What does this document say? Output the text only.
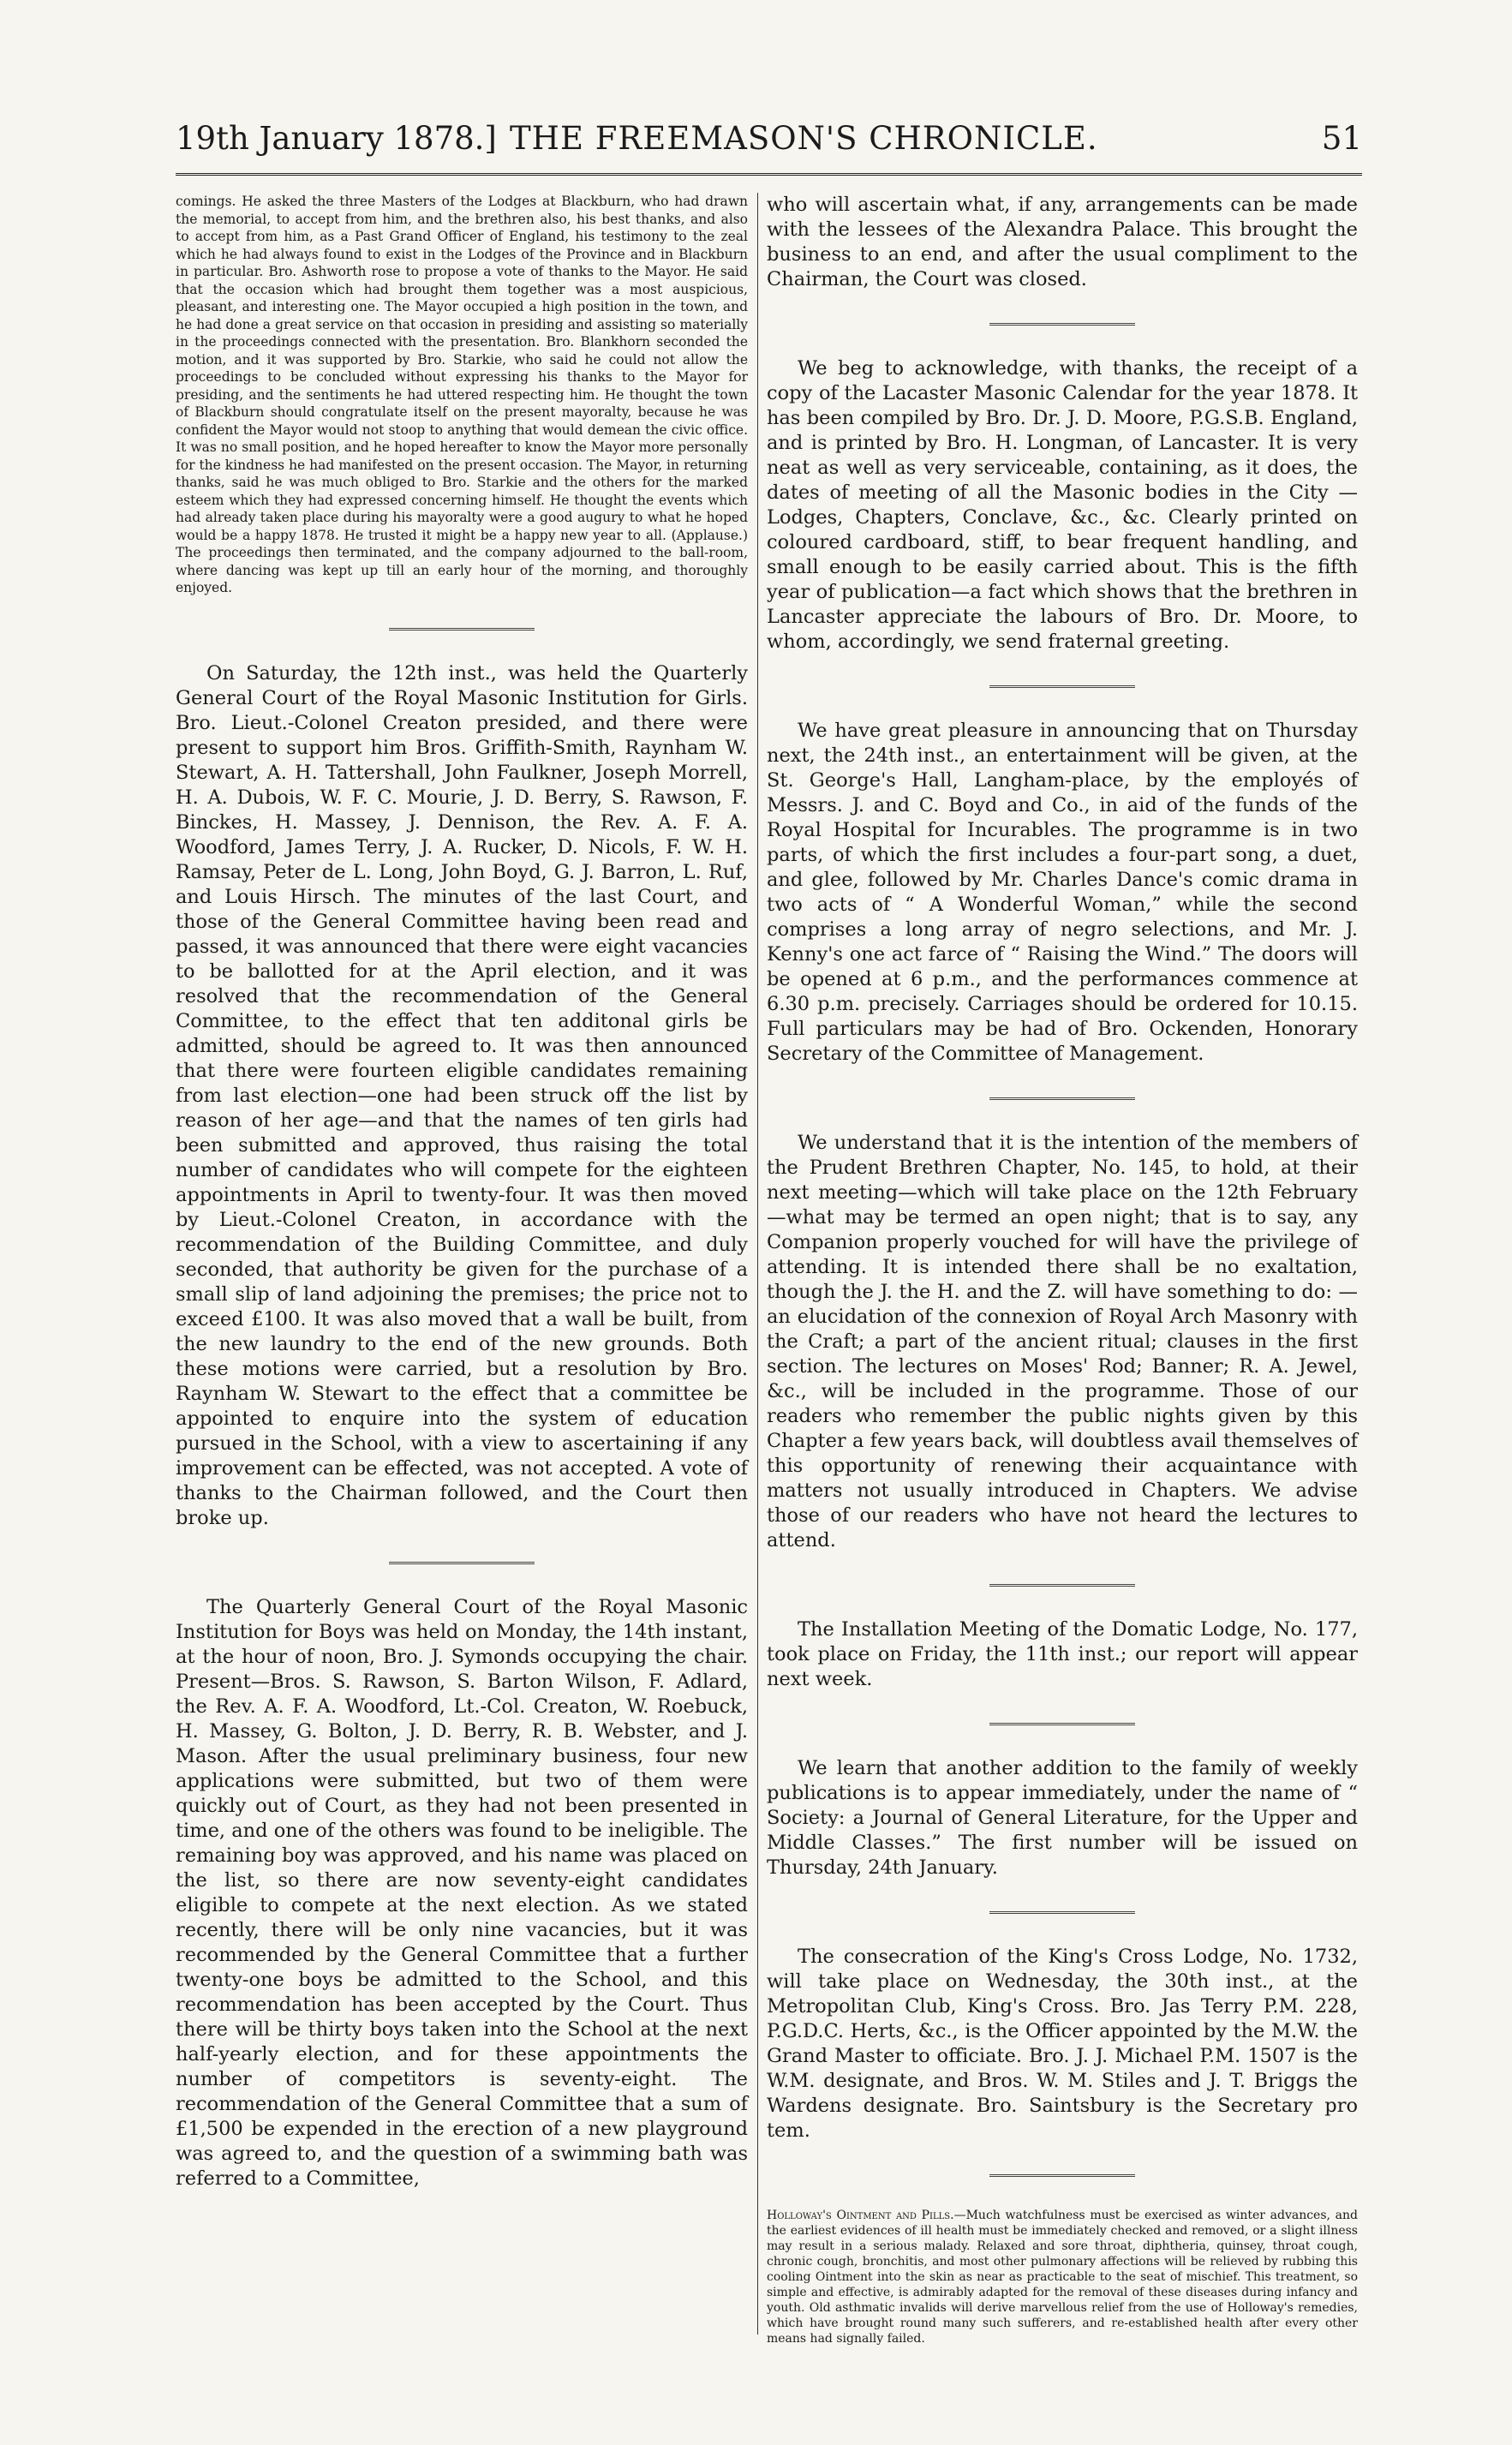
19th January 1878.] THE FREEMASON'S CHRONICLE.	51

comings. He asked the three Masters of the Lodges at Blackburn, who had drawn the memorial, to accept from him, and the brethren also, his best thanks, and also to accept from him, as a Past Grand Officer of England, his testimony to the zeal which he had always found to exist in the Lodges of the Province and in Blackburn in particular. Bro. Ashworth rose to propose a vote of thanks to the Mayor. He said that the occasion which had brought them together was a most auspicious, pleasant, and interesting one. The Mayor occupied a high position in the town, and he had done a great service on that occasion in presiding and assisting so materially in the proceedings connected with the presentation. Bro. Blankhorn seconded the motion, and it was supported by Bro. Starkie, who said he could not allow the proceedings to be concluded without expressing his thanks to the Mayor for presiding, and the sentiments he had uttered respecting him. He thought the town of Blackburn should congratulate itself on the present mayoralty, because he was confident the Mayor would not stoop to anything that would demean the civic office. It was no small position, and he hoped hereafter to know the Mayor more personally for the kindness he had manifested on the present occasion. The Mayor, in returning thanks, said he was much obliged to Bro. Starkie and the others for the marked esteem which they had expressed concerning himself. He thought the events which had already taken place during his mayoralty were a good augury to what he hoped would be a happy 1878. He trusted it might be a happy new year to all. (Applause.) The proceedings then terminated, and the company adjourned to the ball-room, where dancing was kept up till an early hour of the morning, and thoroughly enjoyed.

On Saturday, the 12th inst., was held the Quarterly General Court of the Royal Masonic Institution for Girls. Bro. Lieut.-Colonel Creaton presided, and there were present to support him Bros. Griffith-Smith, Raynham W. Stewart, A. H. Tattershall, John Faulkner, Joseph Morrell, H. A. Dubois, W. F. C. Mourie, J. D. Berry, S. Rawson, F. Binckes, H. Massey, J. Dennison, the Rev. A. F. A. Woodford, James Terry, J. A. Rucker, D. Nicols, F. W. H. Ramsay, Peter de L. Long, John Boyd, G. J. Barron, L. Ruf, and Louis Hirsch. The minutes of the last Court, and those of the General Committee having been read and passed, it was announced that there were eight vacancies to be ballotted for at the April election, and it was resolved that the recommendation of the General Committee, to the effect that ten additonal girls be admitted, should be agreed to. It was then announced that there were fourteen eligible candidates remaining from last election—one had been struck off the list by reason of her age—and that the names of ten girls had been submitted and approved, thus raising the total number of candidates who will compete for the eighteen appointments in April to twenty-four. It was then moved by Lieut.-Colonel Creaton, in accordance with the recommendation of the Building Committee, and duly seconded, that authority be given for the purchase of a small slip of land adjoining the premises; the price not to exceed £100. It was also moved that a wall be built, from the new laundry to the end of the new grounds. Both these motions were carried, but a resolution by Bro. Raynham W. Stewart to the effect that a committee be appointed to enquire into the system of education pursued in the School, with a view to ascertaining if any improvement can be effected, was not accepted. A vote of thanks to the Chairman followed, and the Court then broke up.

The Quarterly General Court of the Royal Masonic Institution for Boys was held on Monday, the 14th instant, at the hour of noon, Bro. J. Symonds occupying the chair. Present—Bros. S. Rawson, S. Barton Wilson, F. Adlard, the Rev. A. F. A. Woodford, Lt.-Col. Creaton, W. Roebuck, H. Massey, G. Bolton, J. D. Berry, R. B. Webster, and J. Mason. After the usual preliminary business, four new applications were submitted, but two of them were quickly out of Court, as they had not been presented in time, and one of the others was found to be ineligible. The remaining boy was approved, and his name was placed on the list, so there are now seventy-eight candidates eligible to compete at the next election. As we stated recently, there will be only nine vacancies, but it was recommended by the General Committee that a further twenty-one boys be admitted to the School, and this recommendation has been accepted by the Court. Thus there will be thirty boys taken into the School at the next half-yearly election, and for these appointments the number of competitors is seventy-eight. The recommendation of the General Committee that a sum of £1,500 be expended in the erection of a new playground was agreed to, and the question of a swimming bath was referred to a Committee,

who will ascertain what, if any, arrangements can be made with the lessees of the Alexandra Palace. This brought the business to an end, and after the usual compliment to the Chairman, the Court was closed.

We beg to acknowledge, with thanks, the receipt of a copy of the Lacaster Masonic Calendar for the year 1878. It has been compiled by Bro. Dr. J. D. Moore, P.G.S.B. England, and is printed by Bro. H. Longman, of Lancaster. It is very neat as well as very serviceable, containing, as it does, the dates of meeting of all the Masonic bodies in the City — Lodges, Chapters, Conclave, &c., &c. Clearly printed on coloured cardboard, stiff, to bear frequent handling, and small enough to be easily carried about. This is the fifth year of publication—a fact which shows that the brethren in Lancaster appreciate the labours of Bro. Dr. Moore, to whom, accordingly, we send fraternal greeting.

We have great pleasure in announcing that on Thursday next, the 24th inst., an entertainment will be given, at the St. George's Hall, Langham-place, by the employés of Messrs. J. and C. Boyd and Co., in aid of the funds of the Royal Hospital for Incurables. The programme is in two parts, of which the first includes a four-part song, a duet, and glee, followed by Mr. Charles Dance's comic drama in two acts of “ A Wonderful Woman,” while the second comprises a long array of negro selections, and Mr. J. Kenny's one act farce of “ Raising the Wind.” The doors will be opened at 6 p.m., and the performances commence at 6.30 p.m. precisely. Carriages should be ordered for 10.15. Full particulars may be had of Bro. Ockenden, Honorary Secretary of the Committee of Management.

We understand that it is the intention of the members of the Prudent Brethren Chapter, No. 145, to hold, at their next meeting—which will take place on the 12th February —what may be termed an open night; that is to say, any Companion properly vouched for will have the privilege of attending. It is intended there shall be no exaltation, though the J. the H. and the Z. will have something to do: —an elucidation of the connexion of Royal Arch Masonry with the Craft; a part of the ancient ritual; clauses in the first section. The lectures on Moses' Rod; Banner; R. A. Jewel, &c., will be included in the programme. Those of our readers who remember the public nights given by this Chapter a few years back, will doubtless avail themselves of this opportunity of renewing their acquaintance with matters not usually introduced in Chapters. We advise those of our readers who have not heard the lectures to attend.

The Installation Meeting of the Domatic Lodge, No. 177, took place on Friday, the 11th inst.; our report will appear next week.

We learn that another addition to the family of weekly publications is to appear immediately, under the name of “ Society: a Journal of General Literature, for the Upper and Middle Classes.” The first number will be issued on Thursday, 24th January.

The consecration of the King's Cross Lodge, No. 1732, will take place on Wednesday, the 30th inst., at the Metropolitan Club, King's Cross. Bro. Jas Terry P.M. 228, P.G.D.C. Herts, &c., is the Officer appointed by the M.W. the Grand Master to officiate. Bro. J. J. Michael P.M. 1507 is the W.M. designate, and Bros. W. M. Stiles and J. T. Briggs the Wardens designate. Bro. Saintsbury is the Secretary pro tem.

Holloway's Ointment and Pills.—Much watchfulness must be exercised as winter advances, and the earliest evidences of ill health must be immediately checked and removed, or a slight illness may result in a serious malady. Relaxed and sore throat, diphtheria, quinsey, throat cough, chronic cough, bronchitis, and most other pulmonary affections will be relieved by rubbing this cooling Ointment into the skin as near as practicable to the seat of mischief. This treatment, so simple and effective, is admirably adapted for the removal of these diseases during infancy and youth. Old asthmatic invalids will derive marvellous relief from the use of Holloway's remedies, which have brought round many such sufferers, and re-established health after every other means had signally failed.
